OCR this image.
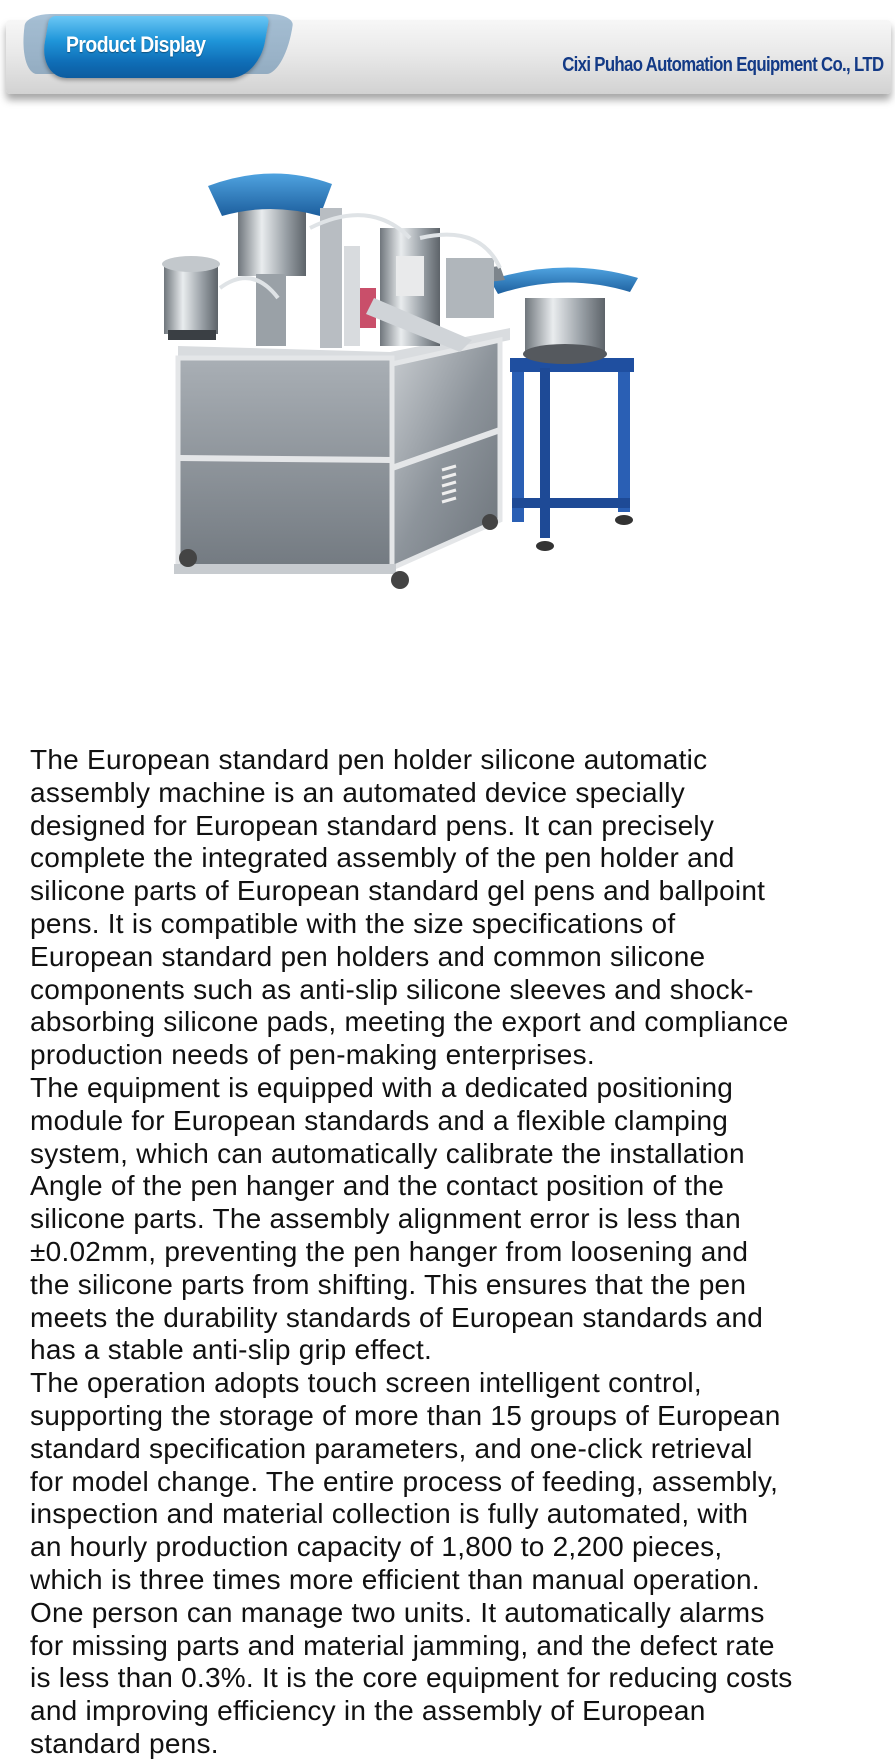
Product Display
Cixi Puhao Automation Equipment Co., LTD

The European standard pen holder silicone automatic
assembly machine is an automated device specially
designed for European standard pens. It can precisely
complete the integrated assembly of the pen holder and
silicone parts of European standard gel pens and ballpoint
pens. It is compatible with the size specifications of
European standard pen holders and common silicone
components such as anti-slip silicone sleeves and shock-
absorbing silicone pads, meeting the export and compliance
production needs of pen-making enterprises.

The equipment is equipped with a dedicated positioning
module for European standards and a flexible clamping
system, which can automatically calibrate the installation
Angle of the pen hanger and the contact position of the
silicone parts. The assembly alignment error is less than
±0.02mm, preventing the pen hanger from loosening and
the silicone parts from shifting. This ensures that the pen
meets the durability standards of European standards and
has a stable anti-slip grip effect.

The operation adopts touch screen intelligent control,
supporting the storage of more than 15 groups of European
standard specification parameters, and one-click retrieval
for model change. The entire process of feeding, assembly,
inspection and material collection is fully automated, with
an hourly production capacity of 1,800 to 2,200 pieces,
which is three times more efficient than manual operation.
One person can manage two units. It automatically alarms
for missing parts and material jamming, and the defect rate
is less than 0.3%. It is the core equipment for reducing costs
and improving efficiency in the assembly of European
standard pens.
